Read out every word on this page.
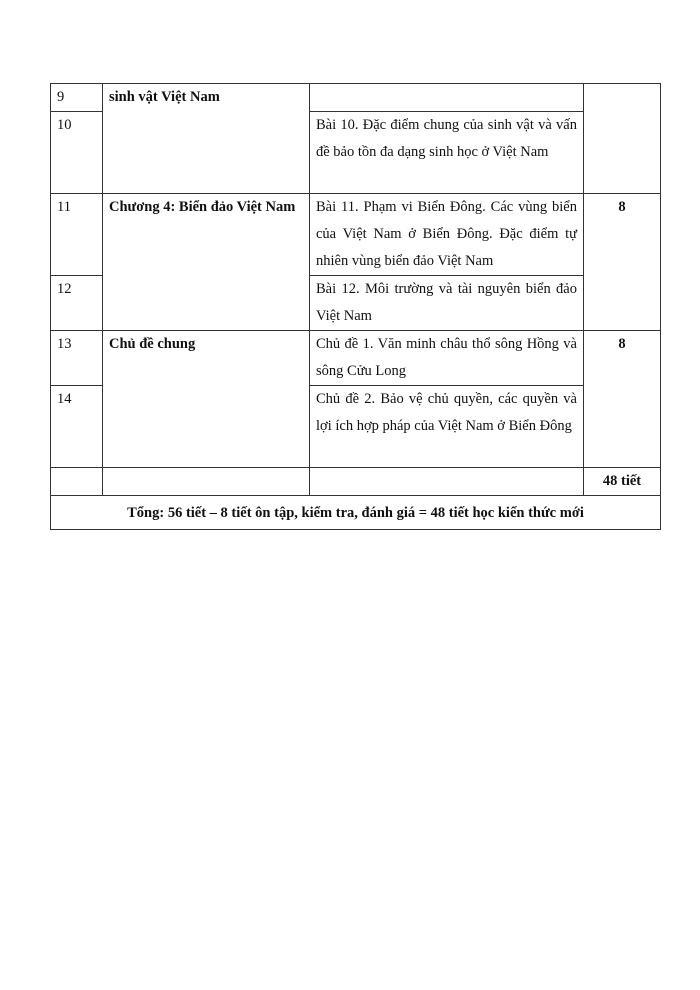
9	sinh vật Việt Nam		
10		Bài 10. Đặc điểm chung của sinh vật và vấn đề bảo tồn đa dạng sinh học ở Việt Nam	
11	Chương 4: Biển đảo Việt Nam	Bài 11. Phạm vi Biển Đông. Các vùng biển của Việt Nam ở Biển Đông. Đặc điểm tự nhiên vùng biển đảo Việt Nam	8
12		Bài 12. Môi trường và tài nguyên biển đảo Việt Nam	
13	Chủ đề chung	Chủ đề 1. Văn minh châu thổ sông Hồng và sông Cửu Long	8
14		Chủ đề 2. Bảo vệ chủ quyền, các quyền và lợi ích hợp pháp của Việt Nam ở Biển Đông	
			48 tiết
Tổng: 56 tiết – 8 tiết ôn tập, kiểm tra, đánh giá = 48 tiết học kiến thức mới			
